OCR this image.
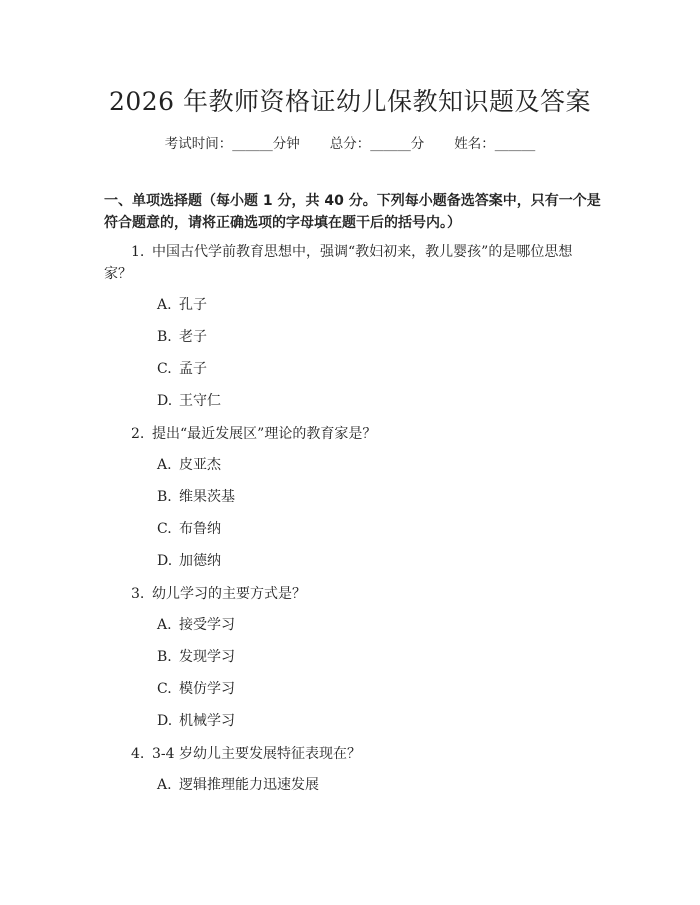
2026 年教师资格证幼儿保教知识题及答案
考试时间：______分钟 总分：______分 姓名：______
一、单项选择题（每小题 1 分，共 40 分。下列每小题备选答案中，只有一个是符合题意的，请将正确选项的字母填在题干后的括号内。）
1. 中国古代学前教育思想中，强调“教妇初来，教儿婴孩”的是哪位思想家？
A. 孔子
B. 老子
C. 孟子
D. 王守仁
2. 提出“最近发展区”理论的教育家是？
A. 皮亚杰
B. 维果茨基
C. 布鲁纳
D. 加德纳
3. 幼儿学习的主要方式是？
A. 接受学习
B. 发现学习
C. 模仿学习
D. 机械学习
4. 3-4 岁幼儿主要发展特征表现在？
A. 逻辑推理能力迅速发展
